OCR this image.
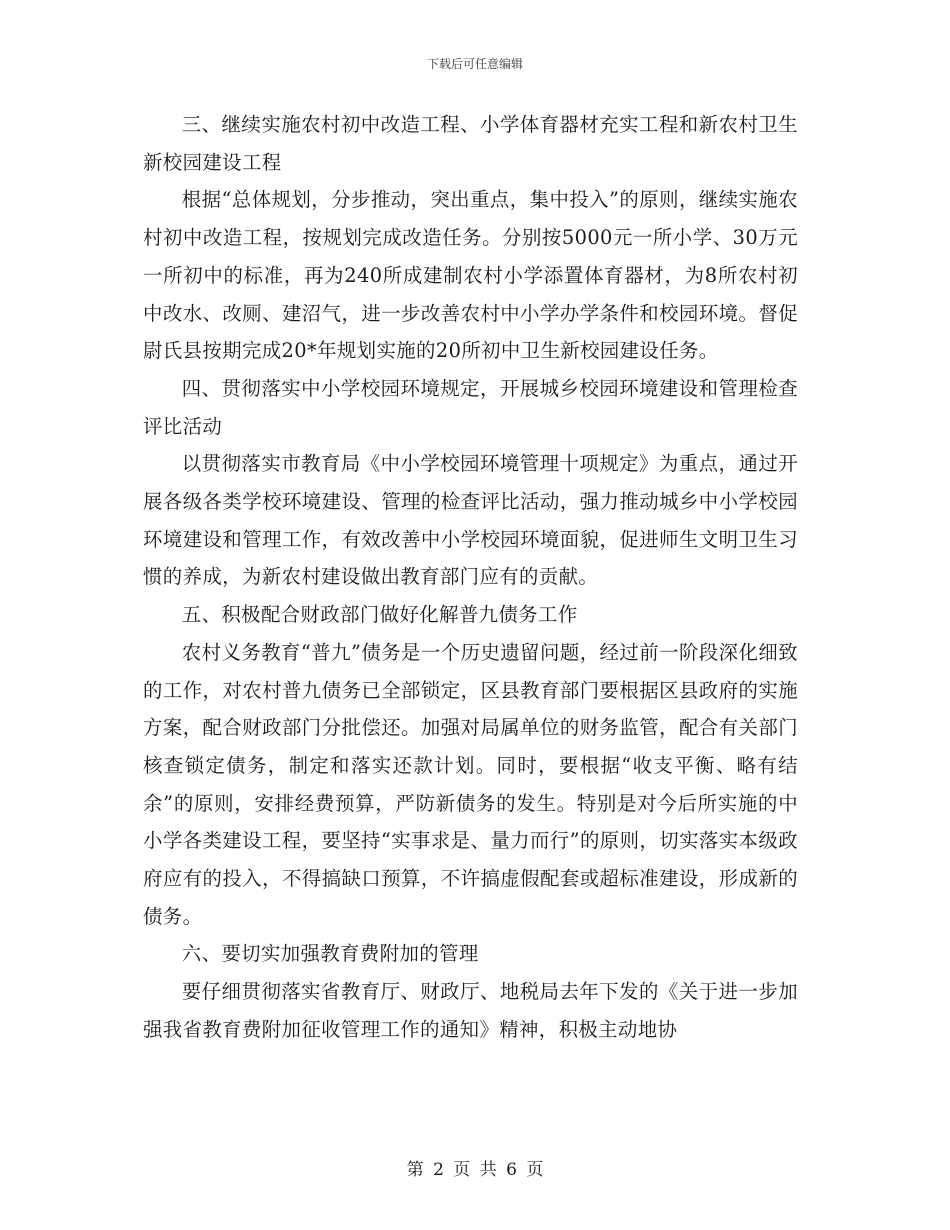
下载后可任意编辑

三、继续实施农村初中改造工程、小学体育器材充实工程和新农村卫生新校园建设工程

根据“总体规划，分步推动，突出重点，集中投入”的原则，继续实施农村初中改造工程，按规划完成改造任务。分别按5000元一所小学、30万元一所初中的标准，再为240所成建制农村小学添置体育器材，为8所农村初中改水、改厕、建沼气，进一步改善农村中小学办学条件和校园环境。督促尉氏县按期完成20*年规划实施的20所初中卫生新校园建设任务。

四、贯彻落实中小学校园环境规定，开展城乡校园环境建设和管理检查评比活动

以贯彻落实市教育局《中小学校园环境管理十项规定》为重点，通过开展各级各类学校环境建设、管理的检查评比活动，强力推动城乡中小学校园环境建设和管理工作，有效改善中小学校园环境面貌，促进师生文明卫生习惯的养成，为新农村建设做出教育部门应有的贡献。

五、积极配合财政部门做好化解普九债务工作

农村义务教育“普九”债务是一个历史遗留问题，经过前一阶段深化细致的工作，对农村普九债务已全部锁定，区县教育部门要根据区县政府的实施方案，配合财政部门分批偿还。加强对局属单位的财务监管，配合有关部门核查锁定债务，制定和落实还款计划。同时，要根据“收支平衡、略有结余”的原则，安排经费预算，严防新债务的发生。特别是对今后所实施的中小学各类建设工程，要坚持“实事求是、量力而行”的原则，切实落实本级政府应有的投入，不得搞缺口预算，不许搞虚假配套或超标准建设，形成新的债务。

六、要切实加强教育费附加的管理

要仔细贯彻落实省教育厅、财政厅、地税局去年下发的《关于进一步加强我省教育费附加征收管理工作的通知》精神，积极主动地协

第 2 页 共 6 页
